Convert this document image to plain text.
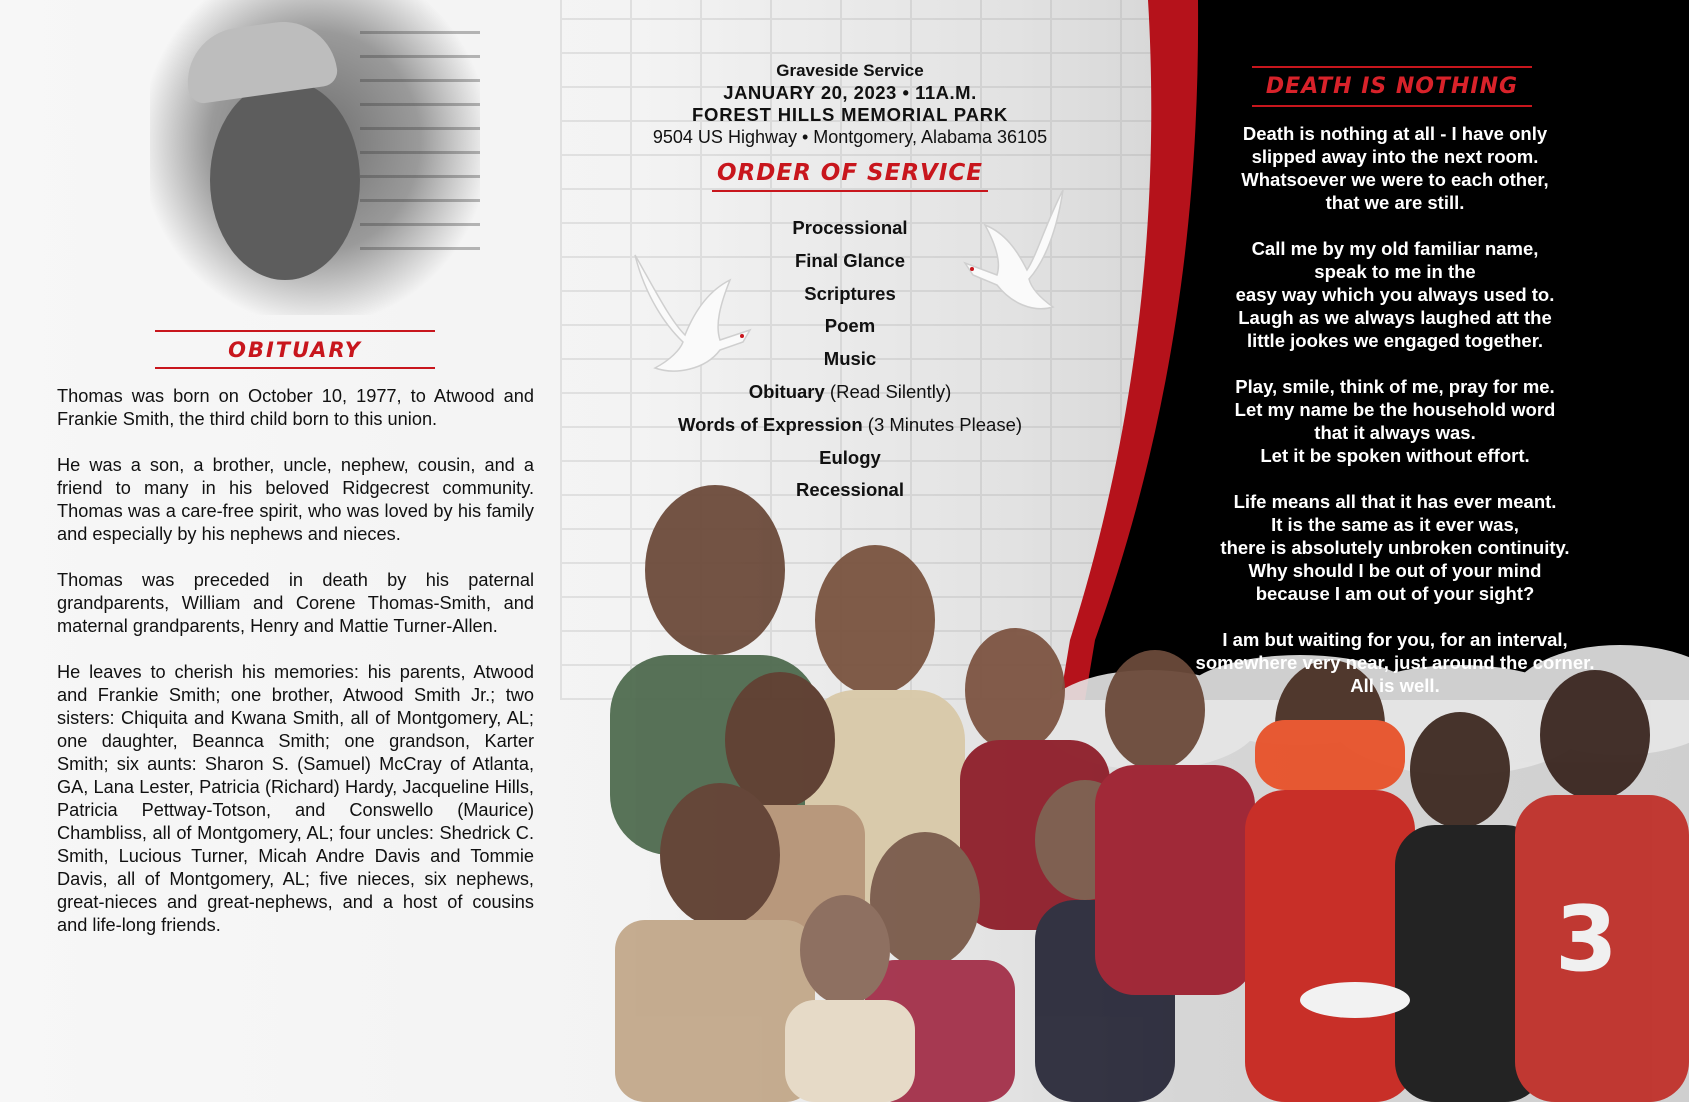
OBITUARY

Thomas was born on October 10, 1977, to Atwood and Frankie Smith, the third child born to this union.

He was a son, a brother, uncle, nephew, cousin, and a friend to many in his beloved Ridgecrest community. Thomas was a care-free spirit, who was loved by his family and especially by his nephews and nieces.

Thomas was preceded in death by his paternal grandparents, William and Corene Thomas-Smith, and maternal grandparents, Henry and Mattie Turner-Allen.

He leaves to cherish his memories: his parents, Atwood and Frankie Smith; one brother, Atwood Smith Jr.; two sisters: Chiquita and Kwana Smith, all of Montgomery, AL; one daughter, Beannca Smith; one grandson, Karter Smith; six aunts: Sharon S. (Samuel) McCray of Atlanta, GA, Lana Lester, Patricia (Richard) Hardy, Jacqueline Hills, Patricia Pettway-Totson, and Conswello (Maurice) Chambliss, all of Montgomery, AL; four uncles: Shedrick C. Smith, Lucious Turner, Micah Andre Davis and Tommie Davis, all of Montgomery, AL; five nieces, six nephews, great-nieces and great-nephews, and a host of cousins and life-long friends.

Graveside Service
JANUARY 20, 2023 • 11A.M.
FOREST HILLS MEMORIAL PARK
9504 US Highway • Montgomery, Alabama 36105
ORDER OF SERVICE
Processional
Final Glance
Scriptures
Poem
Music
Obituary (Read Silently)
Words of Expression (3 Minutes Please)
Eulogy
Recessional
3
DEATH IS NOTHING
Death is nothing at all - I have only
slipped away into the next room.
Whatsoever we were to each other,
that we are still.
Call me by my old familiar name,
speak to me in the
easy way which you always used to.
Laugh as we always laughed att the
little jookes we engaged together.
Play, smile, think of me, pray for me.
Let my name be the household word
that it always was.
Let it be spoken without effort.
Life means all that it has ever meant.
It is the same as it ever was,
there is absolutely unbroken continuity.
Why should I be out of your mind
because I am out of your sight?
I am but waiting for you, for an interval,
somewhere very near, just around the corner.
All is well.
